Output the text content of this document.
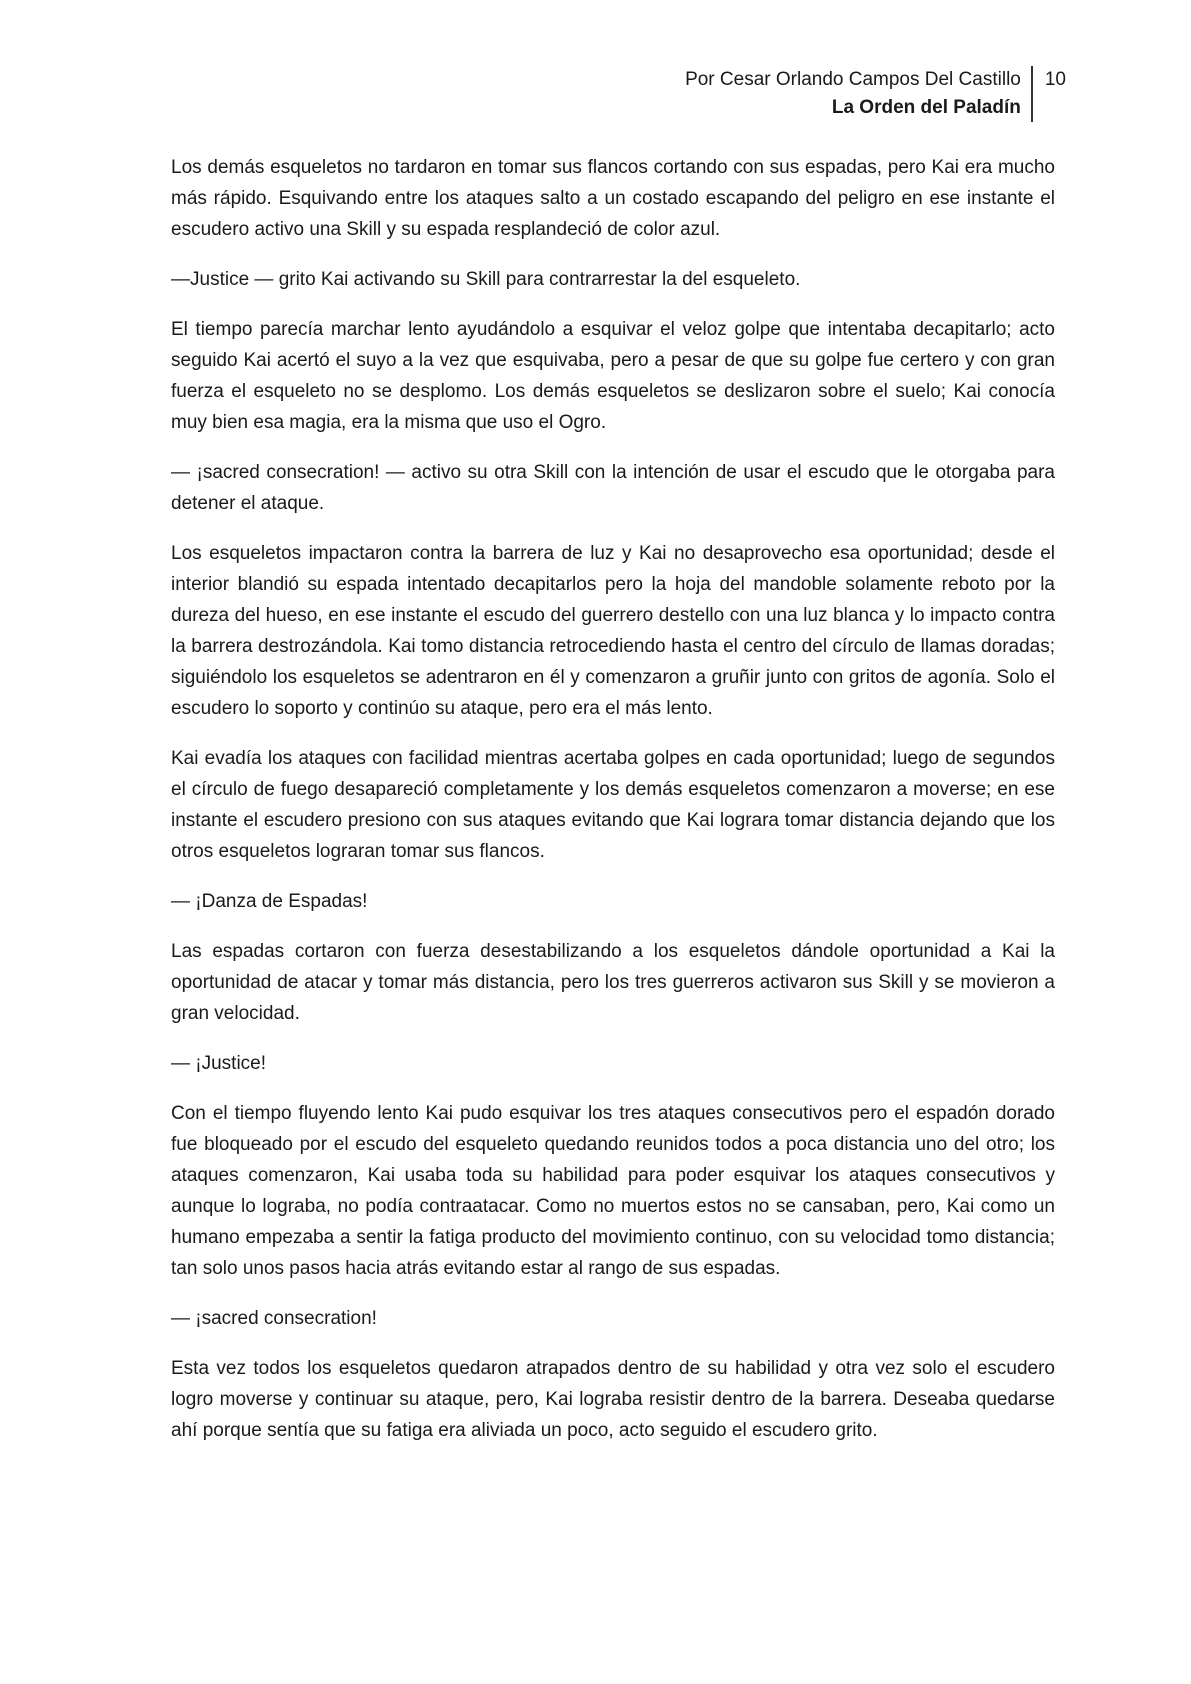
Por Cesar Orlando Campos Del Castillo
La Orden del Paladín
10

Los demás esqueletos no tardaron en tomar sus flancos cortando con sus espadas, pero Kai era mucho más rápido. Esquivando entre los ataques salto a un costado escapando del peligro en ese instante el escudero activo una Skill y su espada resplandeció de color azul.

—Justice — grito Kai activando su Skill para contrarrestar la del esqueleto.

El tiempo parecía marchar lento ayudándolo a esquivar el veloz golpe que intentaba decapitarlo; acto seguido Kai acertó el suyo a la vez que esquivaba, pero a pesar de que su golpe fue certero y con gran fuerza el esqueleto no se desplomo. Los demás esqueletos se deslizaron sobre el suelo; Kai conocía muy bien esa magia, era la misma que uso el Ogro.

— ¡sacred consecration! — activo su otra Skill con la intención de usar el escudo que le otorgaba para detener el ataque.

Los esqueletos impactaron contra la barrera de luz y Kai no desaprovecho esa oportunidad; desde el interior blandió su espada intentado decapitarlos pero la hoja del mandoble solamente reboto por la dureza del hueso, en ese instante el escudo del guerrero destello con una luz blanca y lo impacto contra la barrera destrozándola. Kai tomo distancia retrocediendo hasta el centro del círculo de llamas doradas; siguiéndolo los esqueletos se adentraron en él y comenzaron a gruñir junto con gritos de agonía. Solo el escudero lo soporto y continúo su ataque, pero era el más lento.

Kai evadía los ataques con facilidad mientras acertaba golpes en cada oportunidad; luego de segundos el círculo de fuego desapareció completamente y los demás esqueletos comenzaron a moverse; en ese instante el escudero presiono con sus ataques evitando que Kai lograra tomar distancia dejando que los otros esqueletos lograran tomar sus flancos.

— ¡Danza de Espadas!

Las espadas cortaron con fuerza desestabilizando a los esqueletos dándole oportunidad a Kai la oportunidad de atacar y tomar más distancia, pero los tres guerreros activaron sus Skill y se movieron a gran velocidad.

— ¡Justice!

Con el tiempo fluyendo lento Kai pudo esquivar los tres ataques consecutivos pero el espadón dorado fue bloqueado por el escudo del esqueleto quedando reunidos todos a poca distancia uno del otro; los ataques comenzaron, Kai usaba toda su habilidad para poder esquivar los ataques consecutivos y aunque lo lograba, no podía contraatacar. Como no muertos estos no se cansaban, pero, Kai como un humano empezaba a sentir la fatiga producto del movimiento continuo, con su velocidad tomo distancia; tan solo unos pasos hacia atrás evitando estar al rango de sus espadas.

— ¡sacred consecration!

Esta vez todos los esqueletos quedaron atrapados dentro de su habilidad y otra vez solo el escudero logro moverse y continuar su ataque, pero, Kai lograba resistir dentro de la barrera. Deseaba quedarse ahí porque sentía que su fatiga era aliviada un poco, acto seguido el escudero grito.
